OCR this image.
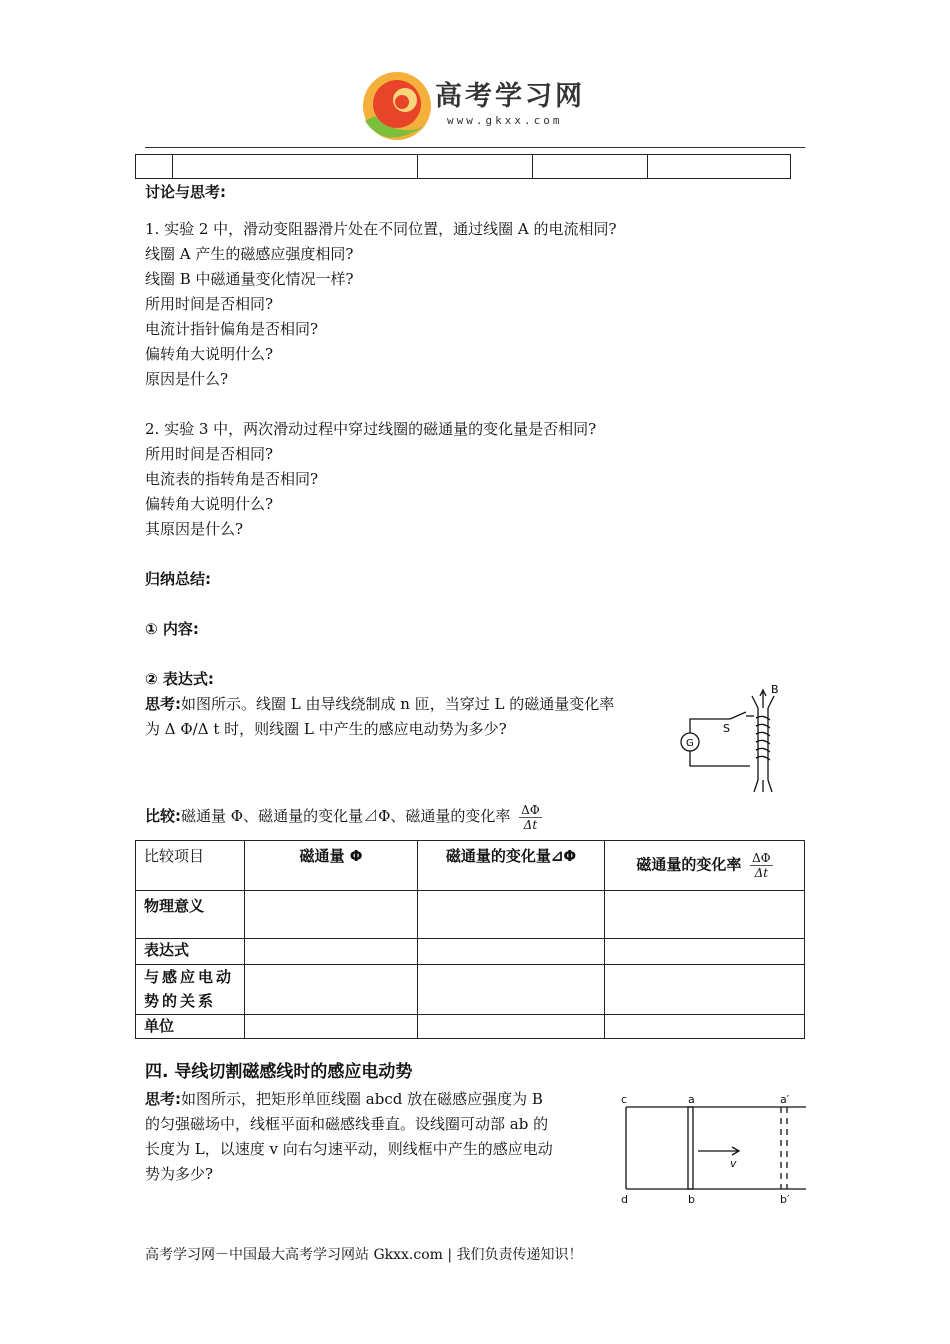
高考学习网
www.gkxx.com

讨论与思考:
1. 实验 2 中，滑动变阻器滑片处在不同位置，通过线圈 A 的电流相同?
线圈 A 产生的磁感应强度相同?
线圈 B 中磁通量变化情况一样?
所用时间是否相同?
电流计指针偏角是否相同?
偏转角大说明什么?
原因是什么?
2. 实验 3 中，两次滑动过程中穿过线圈的磁通量的变化量是否相同?
所用时间是否相同?
电流表的指转角是否相同?
偏转角大说明什么?
其原因是什么?
归纳总结:
① 内容:
② 表达式:
思考:如图所示。线圈 L 由导线绕制成 n 匝，当穿过 L 的磁通量变化率
为 Δ Φ/Δ t 时，则线圈 L 中产生的感应电动势为多少?
B
S
G
比较:磁通量 Φ、磁通量的变化量⊿Φ、磁通量的变化率 $\frac{\Delta\Phi}{\Delta t}$
比较项目	磁通量 Φ	磁通量的变化量⊿Φ	磁通量的变化率 $\frac{\Delta\Phi}{\Delta t}$

物理意义			
表达式			
与感应电动势的关系			
单位			
四. 导线切割磁感线时的感应电动势
思考:如图所示，把矩形单匝线圈 abcd 放在磁感应强度为 B
的匀强磁场中，线框平面和磁感线垂直。设线圈可动部 ab 的
长度为 L，以速度 v 向右匀速平动，则线框中产生的感应电动
势为多少?
c	a	a′
d	b	b′
v
高考学习网－中国最大高考学习网站 Gkxx.com | 我们负责传递知识！
